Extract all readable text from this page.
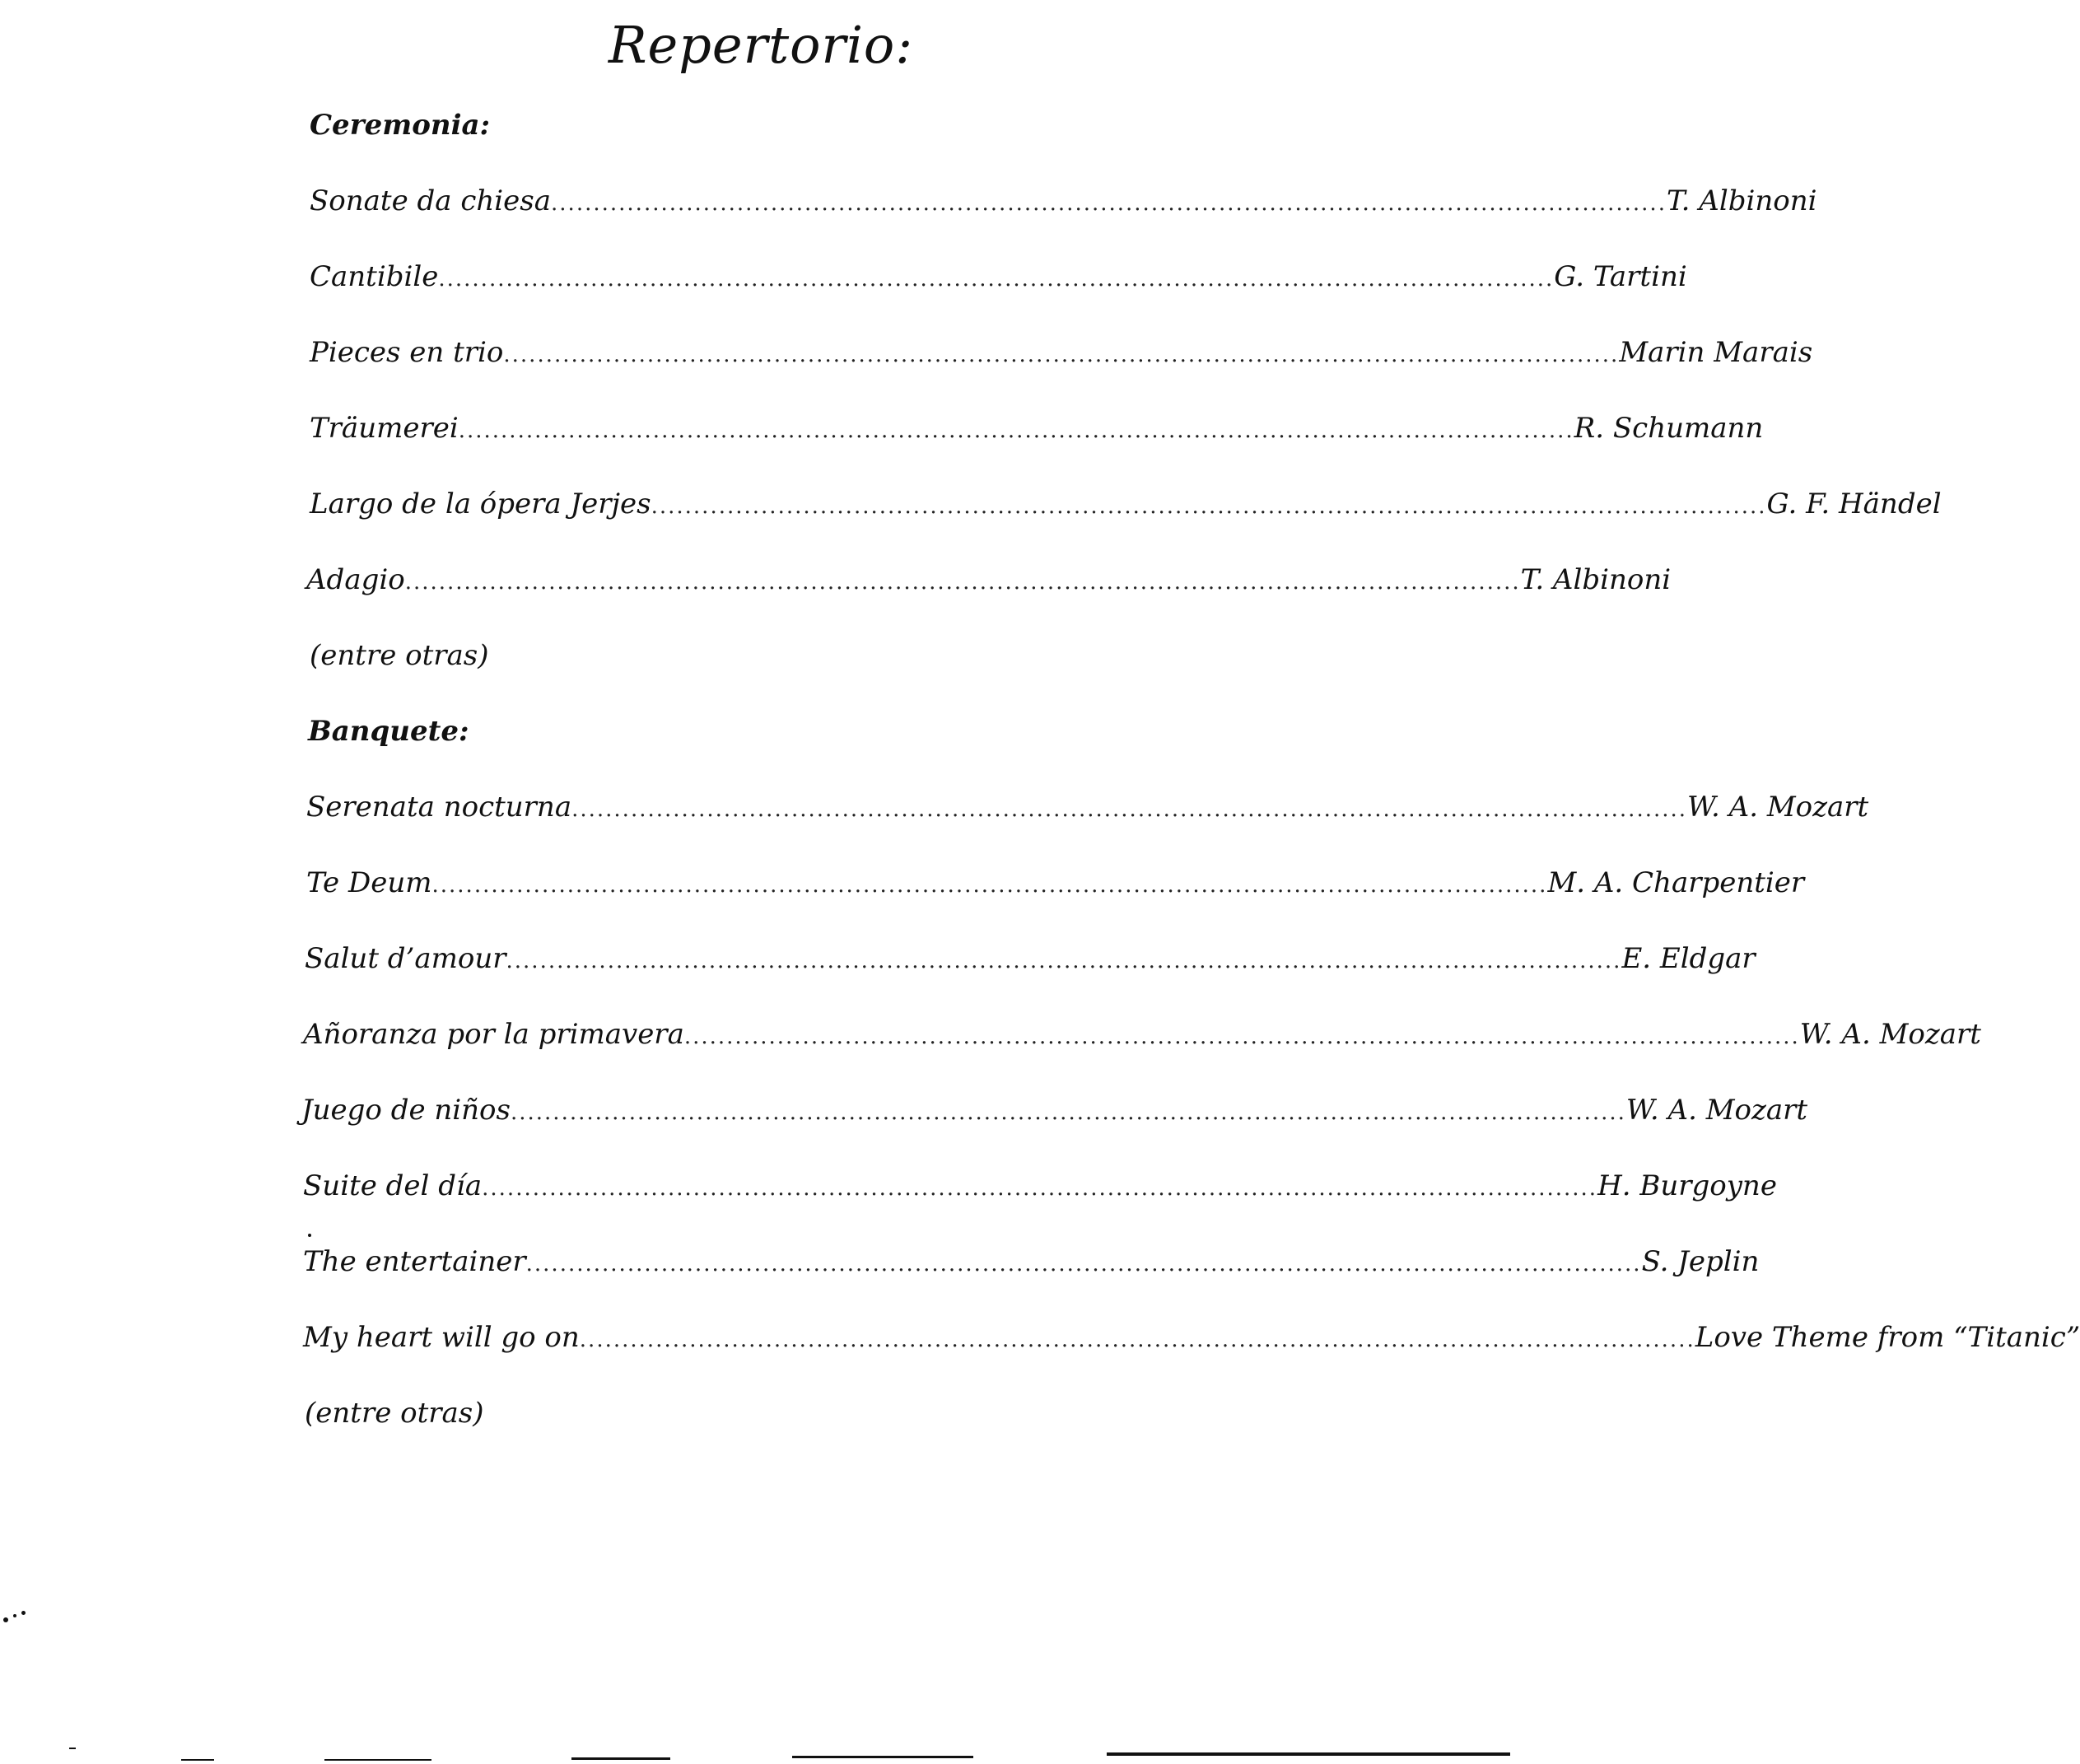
Repertorio:
Ceremonia:
Sonate da chiesa .................................................................................................................................... T. Albinoni
Cantibile .................................................................................................................................... G. Tartini
Pieces en trio .................................................................................................................................... Marin Marais
Träumerei .................................................................................................................................... R. Schumann
Largo de la ópera Jerjes .................................................................................................................................... G. F. Händel
Adagio .................................................................................................................................... T. Albinoni
(entre otras)
Banquete:
Serenata nocturna .................................................................................................................................... W. A. Mozart
Te Deum .................................................................................................................................... M. A. Charpentier
Salut d’amour .................................................................................................................................... E. Eldgar
Añoranza por la primavera .................................................................................................................................... W. A. Mozart
Juego de niños .................................................................................................................................... W. A. Mozart
Suite del día .................................................................................................................................... H. Burgoyne
The entertainer .................................................................................................................................... S. Jeplin
My heart will go on .................................................................................................................................... Love Theme from “Titanic”
(entre otras)
